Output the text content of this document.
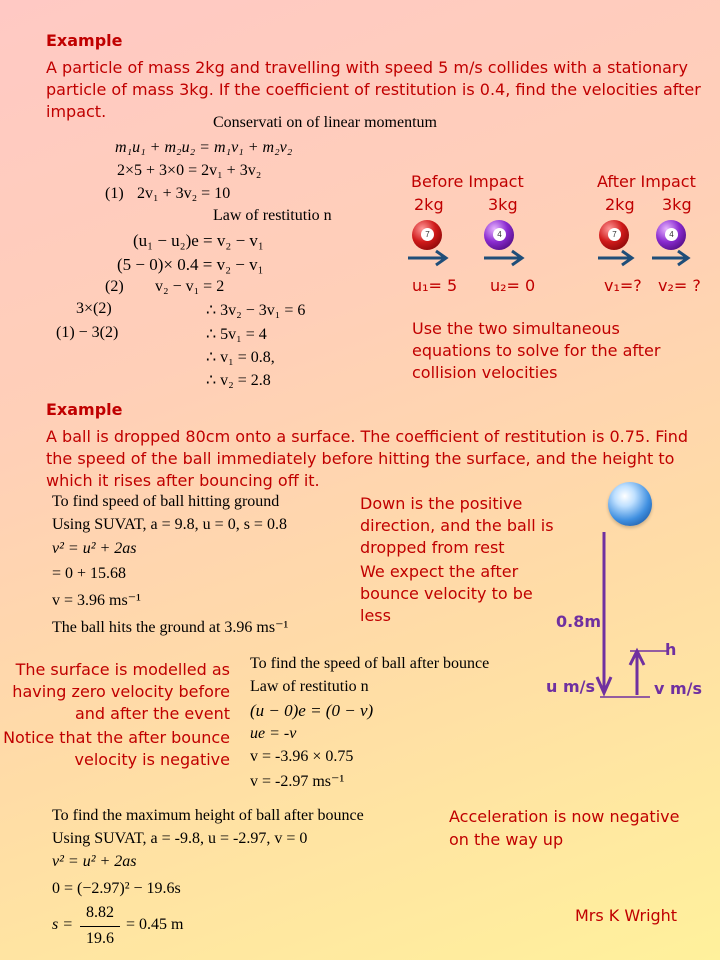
Example
A particle of mass 2kg and travelling with speed 5 m/s collides with a stationary
particle of mass 3kg. If the coefficient of restitution is 0.4, find the velocities after
impact.
Conservati on of linear momentum
m₁u₁ + m₂u₂ = m₁v₁ + m₂v₂
2×5 + 3×0 = 2v₁ + 3v₂
(1) 2v₁ + 3v₂ = 10
Law of restitutio n
(u₁ − u₂)e = v₂ − v₁
(5 − 0)× 0.4 = v₂ − v₁
(2) v₂ − v₁ = 2
3×(2)	∴ 3v₂ − 3v₁ = 6
(1) − 3(2)	∴ 5v₁ = 4
∴ v₁ = 0.8,
∴ v₂ = 2.8
Before Impact	After Impact
2kg	3kg	2kg 3kg
7	4	7	4
u₁= 5 u₂= 0	v₁=? v₂= ?
Use the two simultaneous
equations to solve for the after
collision velocities
Example
A ball is dropped 80cm onto a surface. The coefficient of restitution is 0.75. Find
the speed of the ball immediately before hitting the surface, and the height to
which it rises after bouncing off it.
To find speed of ball hitting ground
Using SUVAT, a = 9.8, u = 0, s = 0.8
v² = u² + 2as
= 0 + 15.68
v = 3.96 ms⁻¹
The ball hits the ground at 3.96 ms⁻¹
Down is the positive
direction, and the ball is
dropped from rest
We expect the after
bounce velocity to be
less	0.8m
h
u m/s	v m/s
The surface is modelled as
having zero velocity before
and after the event
Notice that the after bounce
velocity is negative
To find the speed of ball after bounce
Law of restitutio n
(u − 0)e = (0 − v)
ue = -v
v = -3.96 × 0.75
v = -2.97 ms⁻¹
To find the maximum height of ball after bounce
Using SUVAT, a = -9.8, u = -2.97, v = 0
v² = u² + 2as
0 = (−2.97)² − 19.6s
s =
8.82
19.6
= 0.45 m
Acceleration is now negative
on the way up
Mrs K Wright
